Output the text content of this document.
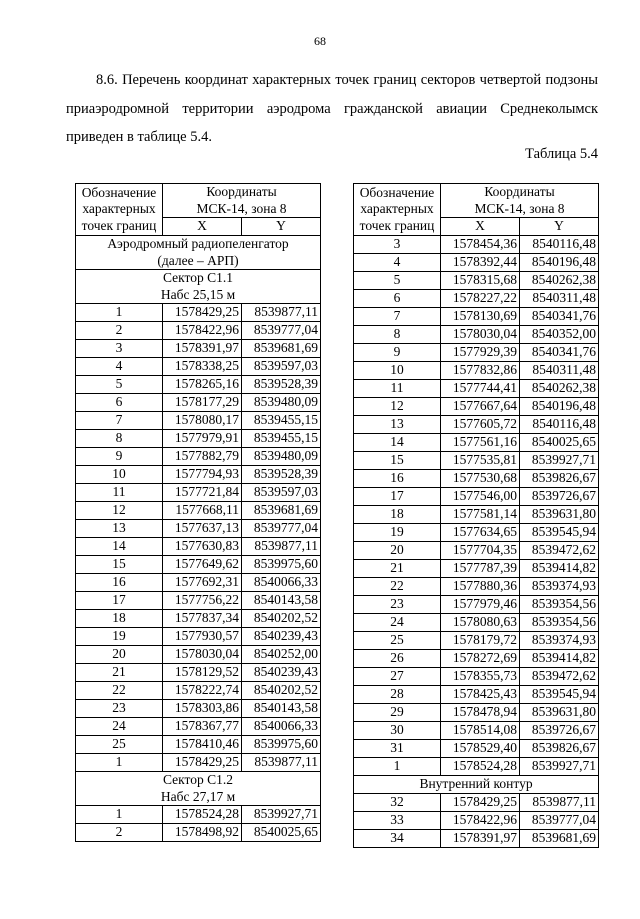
68

8.6. Перечень координат характерных точек границ секторов четвертой подзоны

приаэродромной территории аэродрома гражданской авиации Среднеколымск

приведен в таблице 5.4.

Таблица 5.4
Обозначение
характерных
точек границ	Координаты
МСК-14, зона 8	

	X	Y
Аэродромный радиопеленгатор
(далее – АРП)		
Сектор С1.1
Набс 25,15 м		
1	1578429,25	8539877,11
2	1578422,96	8539777,04
3	1578391,97	8539681,69
4	1578338,25	8539597,03
5	1578265,16	8539528,39
6	1578177,29	8539480,09
7	1578080,17	8539455,15
8	1577979,91	8539455,15
9	1577882,79	8539480,09
10	1577794,93	8539528,39
11	1577721,84	8539597,03
12	1577668,11	8539681,69
13	1577637,13	8539777,04
14	1577630,83	8539877,11
15	1577649,62	8539975,60
16	1577692,31	8540066,33
17	1577756,22	8540143,58
18	1577837,34	8540202,52
19	1577930,57	8540239,43
20	1578030,04	8540252,00
21	1578129,52	8540239,43
22	1578222,74	8540202,52
23	1578303,86	8540143,58
24	1578367,77	8540066,33
25	1578410,46	8539975,60
1	1578429,25	8539877,11
Сектор С1.2
Набс 27,17 м		
1	1578524,28	8539927,71
2	1578498,92	8540025,65
Обозначение
характерных
точек границ	Координаты
МСК-14, зона 8	

	X	Y
3	1578454,36	8540116,48
4	1578392,44	8540196,48
5	1578315,68	8540262,38
6	1578227,22	8540311,48
7	1578130,69	8540341,76
8	1578030,04	8540352,00
9	1577929,39	8540341,76
10	1577832,86	8540311,48
11	1577744,41	8540262,38
12	1577667,64	8540196,48
13	1577605,72	8540116,48
14	1577561,16	8540025,65
15	1577535,81	8539927,71
16	1577530,68	8539826,67
17	1577546,00	8539726,67
18	1577581,14	8539631,80
19	1577634,65	8539545,94
20	1577704,35	8539472,62
21	1577787,39	8539414,82
22	1577880,36	8539374,93
23	1577979,46	8539354,56
24	1578080,63	8539354,56
25	1578179,72	8539374,93
26	1578272,69	8539414,82
27	1578355,73	8539472,62
28	1578425,43	8539545,94
29	1578478,94	8539631,80
30	1578514,08	8539726,67
31	1578529,40	8539826,67
1	1578524,28	8539927,71
Внутренний контур		
32	1578429,25	8539877,11
33	1578422,96	8539777,04
34	1578391,97	8539681,69
